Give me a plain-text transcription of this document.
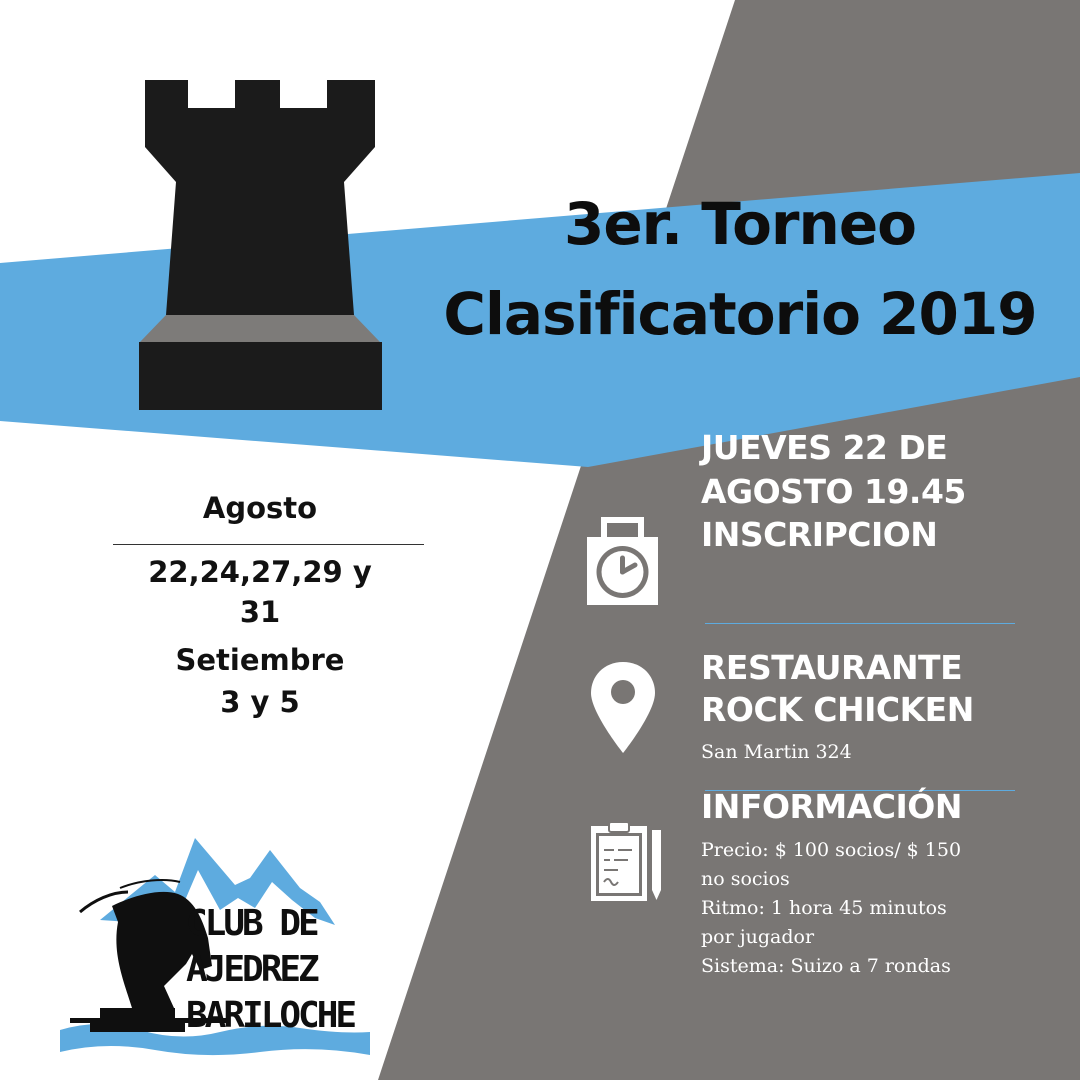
3er. Torneo
Clasificatorio 2019
Agosto
22,24,27,29 y
31
Setiembre
3 y 5
JUEVES 22 DE
AGOSTO 19.45
INSCRIPCION
RESTAURANTE
ROCK CHICKEN
San Martin 324
INFORMACIÓN
Precio: $ 100 socios/ $ 150
no socios
Ritmo: 1 hora 45 minutos
por jugador
Sistema: Suizo a 7 rondas
CLUB DE
AJEDREZ
BARILOCHE
